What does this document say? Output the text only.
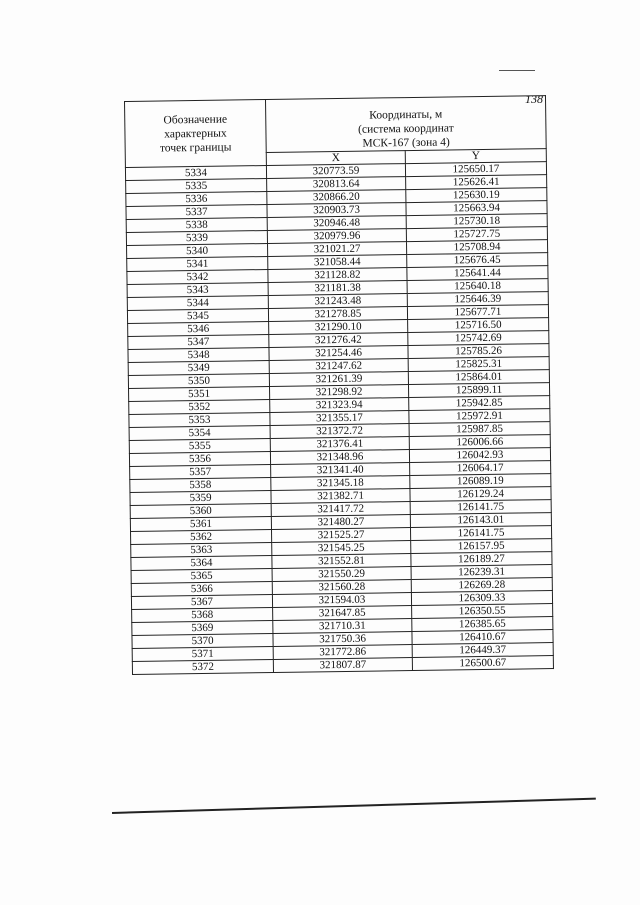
138
Обозначение
характерных
точек границы	Координаты, м
(система координат
МСК-167 (зона 4)	

	X	Y
5334	320773.59	125650.17
5335	320813.64	125626.41
5336	320866.20	125630.19
5337	320903.73	125663.94
5338	320946.48	125730.18
5339	320979.96	125727.75
5340	321021.27	125708.94
5341	321058.44	125676.45
5342	321128.82	125641.44
5343	321181.38	125640.18
5344	321243.48	125646.39
5345	321278.85	125677.71
5346	321290.10	125716.50
5347	321276.42	125742.69
5348	321254.46	125785.26
5349	321247.62	125825.31
5350	321261.39	125864.01
5351	321298.92	125899.11
5352	321323.94	125942.85
5353	321355.17	125972.91
5354	321372.72	125987.85
5355	321376.41	126006.66
5356	321348.96	126042.93
5357	321341.40	126064.17
5358	321345.18	126089.19
5359	321382.71	126129.24
5360	321417.72	126141.75
5361	321480.27	126143.01
5362	321525.27	126141.75
5363	321545.25	126157.95
5364	321552.81	126189.27
5365	321550.29	126239.31
5366	321560.28	126269.28
5367	321594.03	126309.33
5368	321647.85	126350.55
5369	321710.31	126385.65
5370	321750.36	126410.67
5371	321772.86	126449.37
5372	321807.87	126500.67
